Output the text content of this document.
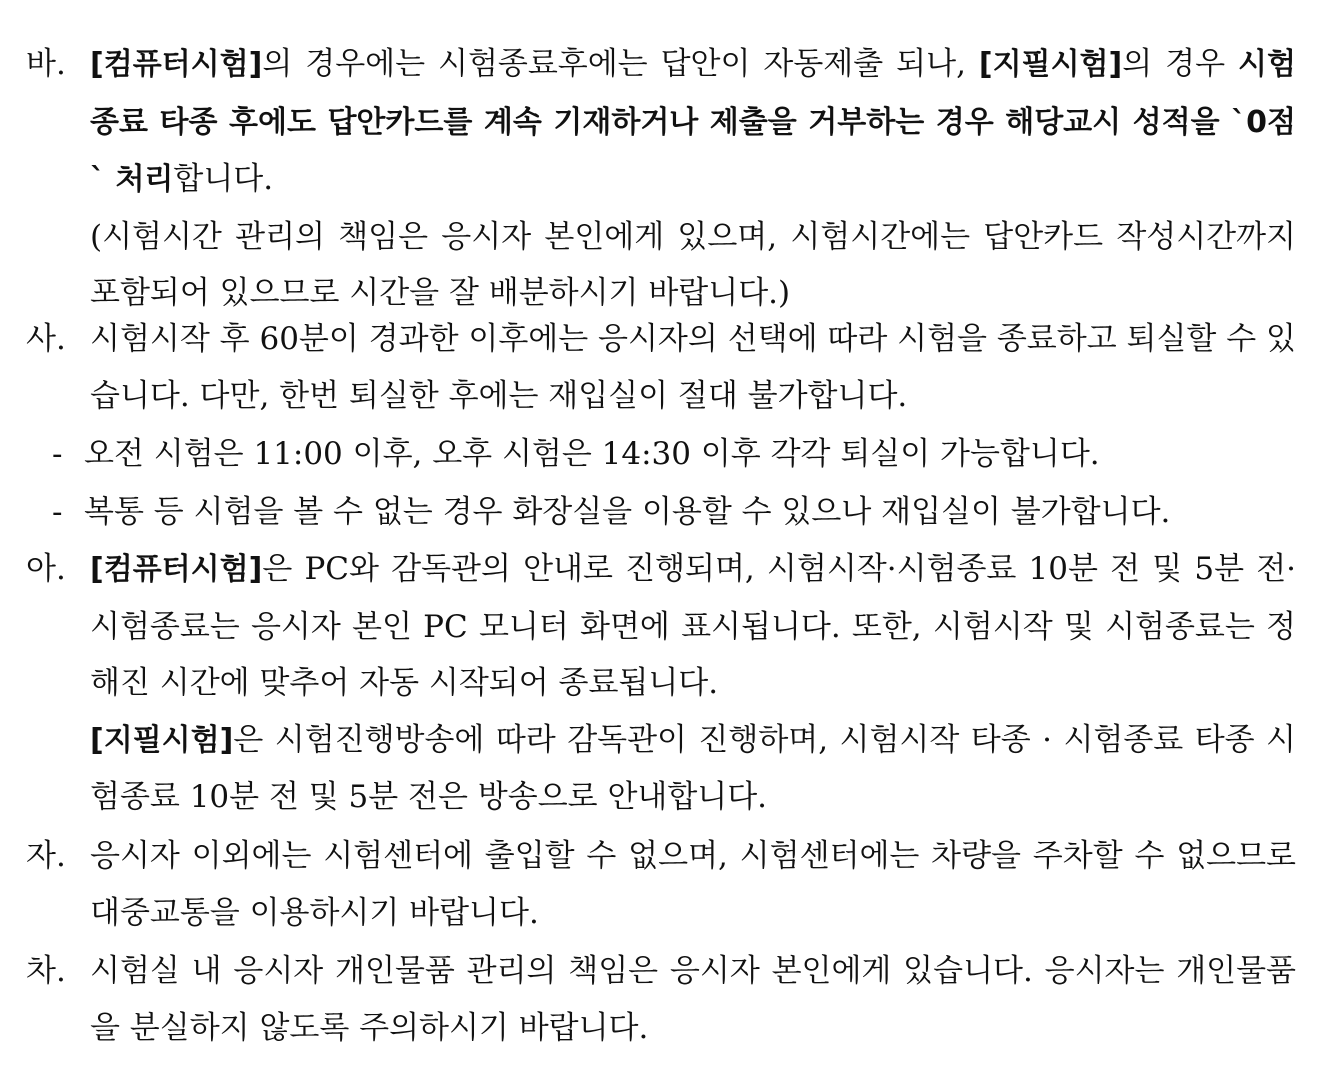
바. [컴퓨터시험]의 경우에는 시험종료후에는 답안이 자동제출 되나, [지필시험]의 경우 시험 종료 타종 후에도 답안카드를 계속 기재하거나 제출을 거부하는 경우 해당교시 성적을 `0점` 처리합니다.
(시험시간 관리의 책임은 응시자 본인에게 있으며, 시험시간에는 답안카드 작성시간까지 포함되어 있으므로 시간을 잘 배분하시기 바랍니다.)
사. 시험시작 후 60분이 경과한 이후에는 응시자의 선택에 따라 시험을 종료하고 퇴실할 수 있습니다. 다만, 한번 퇴실한 후에는 재입실이 절대 불가합니다.
- 오전 시험은 11:00 이후, 오후 시험은 14:30 이후 각각 퇴실이 가능합니다.
- 복통 등 시험을 볼 수 없는 경우 화장실을 이용할 수 있으나 재입실이 불가합니다.
아. [컴퓨터시험]은 PC와 감독관의 안내로 진행되며, 시험시작·시험종료 10분 전 및 5분 전·시험종료는 응시자 본인 PC 모니터 화면에 표시됩니다. 또한, 시험시작 및 시험종료는 정해진 시간에 맞추어 자동 시작되어 종료됩니다.
[지필시험]은 시험진행방송에 따라 감독관이 진행하며, 시험시작 타종 · 시험종료 타종 시험종료 10분 전 및 5분 전은 방송으로 안내합니다.
자. 응시자 이외에는 시험센터에 출입할 수 없으며, 시험센터에는 차량을 주차할 수 없으므로 대중교통을 이용하시기 바랍니다.
차. 시험실 내 응시자 개인물품 관리의 책임은 응시자 본인에게 있습니다. 응시자는 개인물품을 분실하지 않도록 주의하시기 바랍니다.
